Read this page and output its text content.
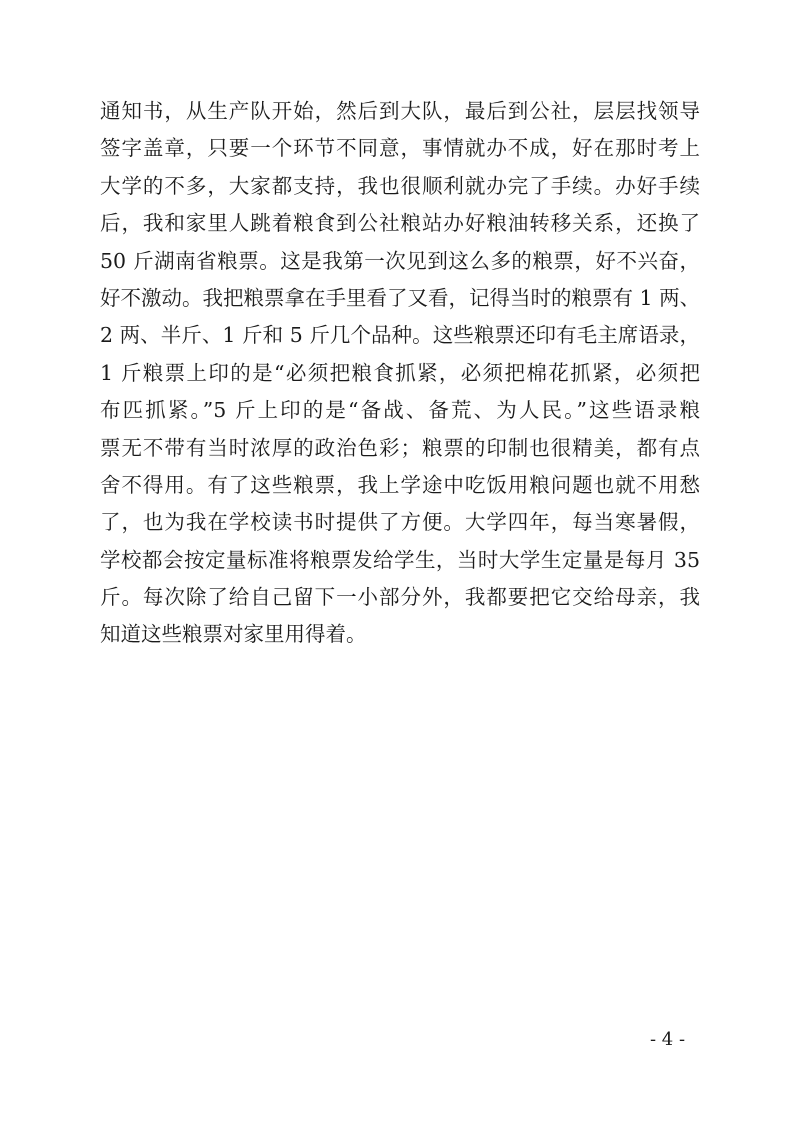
通知书，从生产队开始，然后到大队，最后到公社，层层找领导
签字盖章，只要一个环节不同意，事情就办不成，好在那时考上
大学的不多，大家都支持，我也很顺利就办完了手续。办好手续
后，我和家里人跳着粮食到公社粮站办好粮油转移关系，还换了
50 斤湖南省粮票。这是我第一次见到这么多的粮票，好不兴奋，
好不激动。我把粮票拿在手里看了又看，记得当时的粮票有 1 两、
2 两、半斤、1 斤和 5 斤几个品种。这些粮票还印有毛主席语录，
1 斤粮票上印的是“必须把粮食抓紧，必须把棉花抓紧，必须把
布匹抓紧。”5 斤上印的是“备战、备荒、为人民。”这些语录粮
票无不带有当时浓厚的政治色彩；粮票的印制也很精美，都有点
舍不得用。有了这些粮票，我上学途中吃饭用粮问题也就不用愁
了，也为我在学校读书时提供了方便。大学四年，每当寒暑假，
学校都会按定量标准将粮票发给学生，当时大学生定量是每月 35
斤。每次除了给自己留下一小部分外，我都要把它交给母亲，我
知道这些粮票对家里用得着。
- 4 -
